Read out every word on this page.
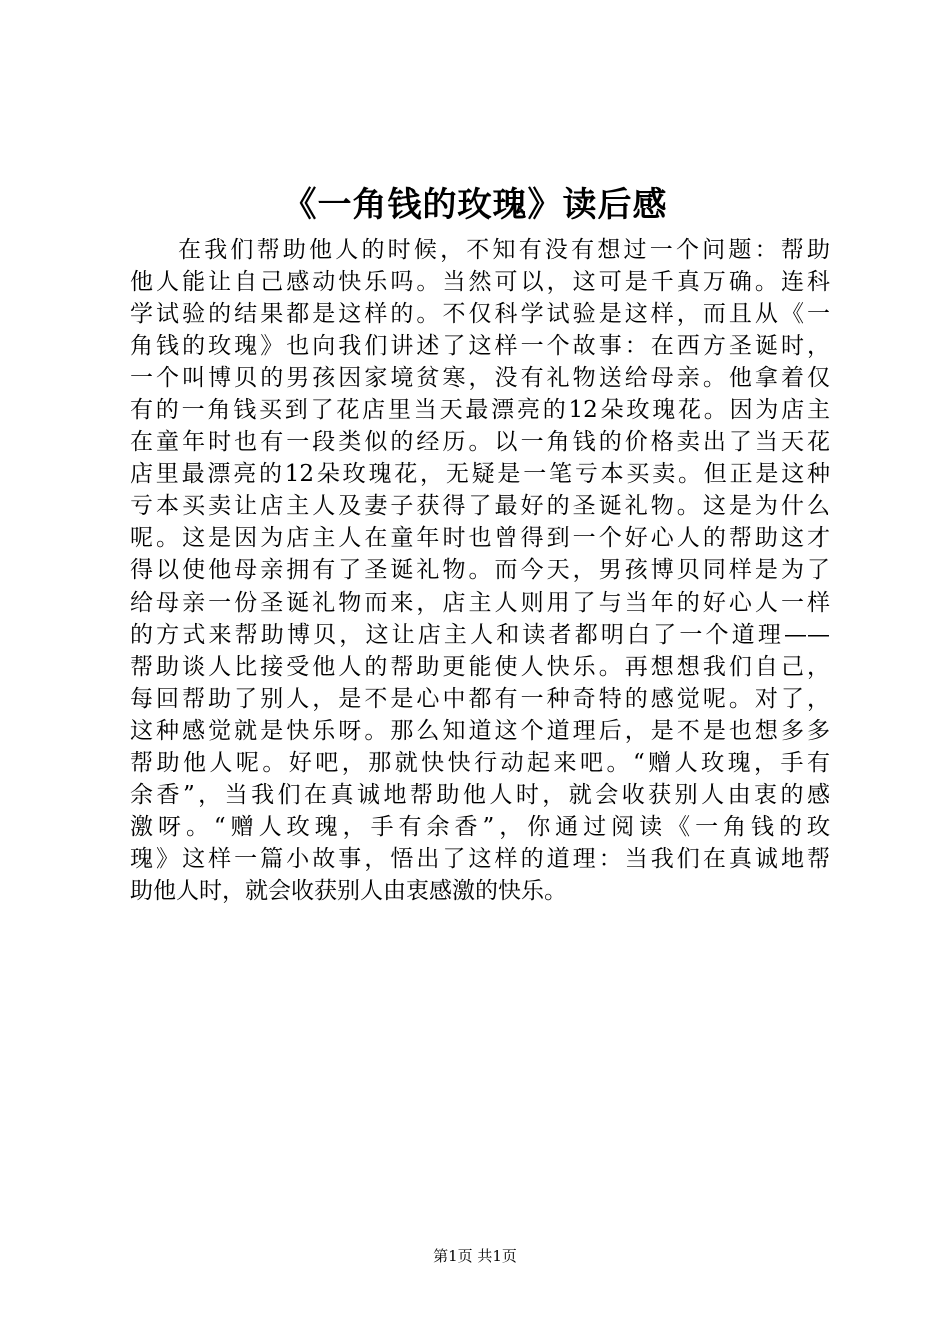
《一角钱的玫瑰》读后感
在我们帮助他人的时候，不知有没有想过一个问题：帮助
他人能让自己感动快乐吗。当然可以，这可是千真万确。连科
学试验的结果都是这样的。不仅科学试验是这样，而且从《一
角钱的玫瑰》也向我们讲述了这样一个故事：在西方圣诞时，
一个叫博贝的男孩因家境贫寒，没有礼物送给母亲。他拿着仅
有的一角钱买到了花店里当天最漂亮的12朵玫瑰花。因为店主
在童年时也有一段类似的经历。以一角钱的价格卖出了当天花
店里最漂亮的12朵玫瑰花，无疑是一笔亏本买卖。但正是这种
亏本买卖让店主人及妻子获得了最好的圣诞礼物。这是为什么
呢。这是因为店主人在童年时也曾得到一个好心人的帮助这才
得以使他母亲拥有了圣诞礼物。而今天，男孩博贝同样是为了
给母亲一份圣诞礼物而来，店主人则用了与当年的好心人一样
的方式来帮助博贝，这让店主人和读者都明白了一个道理——
帮助谈人比接受他人的帮助更能使人快乐。再想想我们自己，
每回帮助了别人，是不是心中都有一种奇特的感觉呢。对了，
这种感觉就是快乐呀。那么知道这个道理后，是不是也想多多
帮助他人呢。好吧，那就快快行动起来吧。“赠人玫瑰，手有
余香”，当我们在真诚地帮助他人时，就会收获别人由衷的感
激呀。“赠人玫瑰，手有余香”，你通过阅读《一角钱的玫
瑰》这样一篇小故事，悟出了这样的道理：当我们在真诚地帮
助他人时，就会收获别人由衷感激的快乐。
第1页 共1页
